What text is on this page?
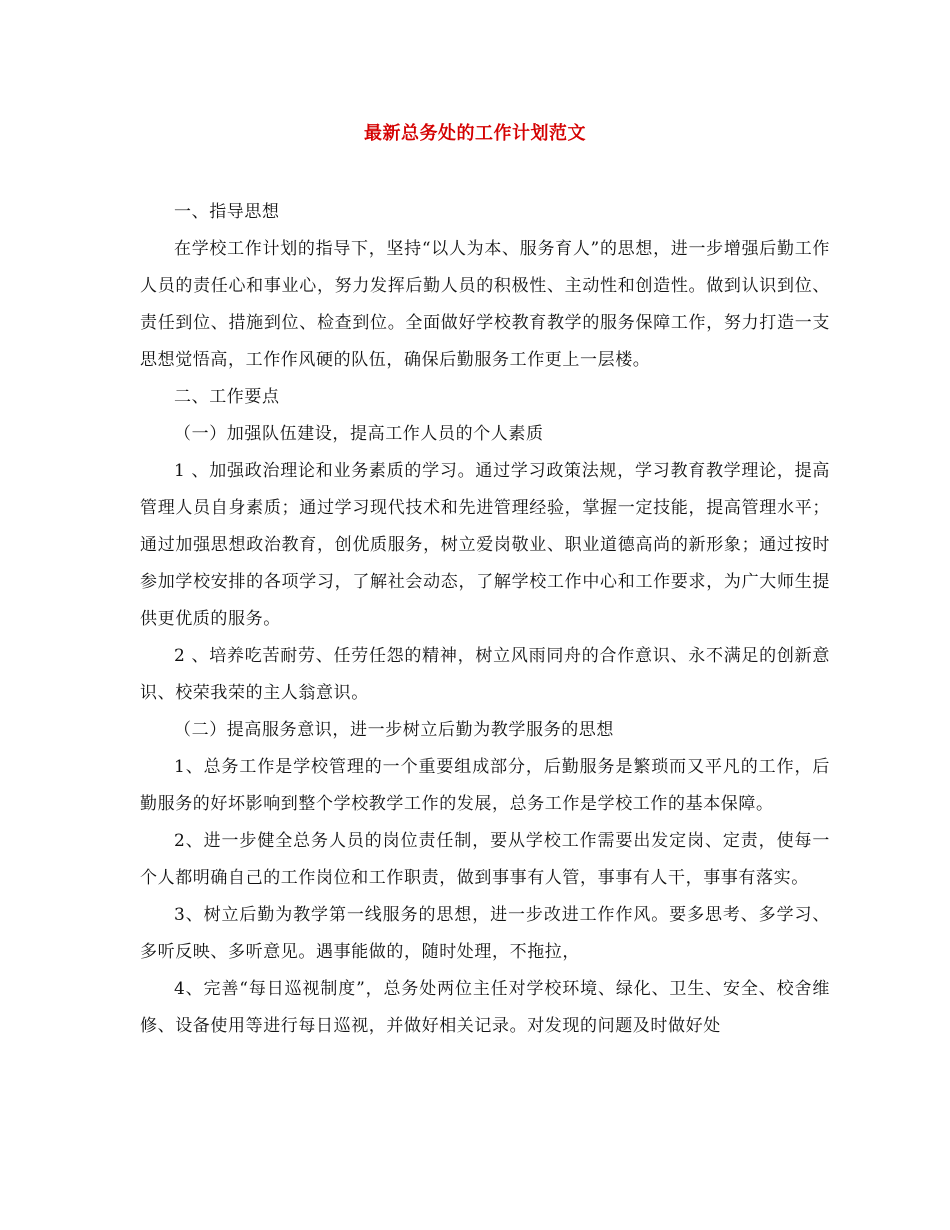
最新总务处的工作计划范文

一、指导思想

在学校工作计划的指导下，坚持“以人为本、服务育人”的思想，进一步增强后勤工作人员的责任心和事业心，努力发挥后勤人员的积极性、主动性和创造性。做到认识到位、责任到位、措施到位、检查到位。全面做好学校教育教学的服务保障工作，努力打造一支思想觉悟高，工作作风硬的队伍，确保后勤服务工作更上一层楼。

二、工作要点

（一）加强队伍建设，提高工作人员的个人素质

1 、加强政治理论和业务素质的学习。通过学习政策法规，学习教育教学理论，提高管理人员自身素质；通过学习现代技术和先进管理经验，掌握一定技能，提高管理水平；通过加强思想政治教育，创优质服务，树立爱岗敬业、职业道德高尚的新形象；通过按时参加学校安排的各项学习，了解社会动态，了解学校工作中心和工作要求，为广大师生提供更优质的服务。

2 、培养吃苦耐劳、任劳任怨的精神，树立风雨同舟的合作意识、永不满足的创新意识、校荣我荣的主人翁意识。

（二）提高服务意识，进一步树立后勤为教学服务的思想

1、总务工作是学校管理的一个重要组成部分，后勤服务是繁琐而又平凡的工作，后勤服务的好坏影响到整个学校教学工作的发展，总务工作是学校工作的基本保障。

2、进一步健全总务人员的岗位责任制，要从学校工作需要出发定岗、定责，使每一个人都明确自己的工作岗位和工作职责，做到事事有人管，事事有人干，事事有落实。

3、树立后勤为教学第一线服务的思想，进一步改进工作作风。要多思考、多学习、多听反映、多听意见。遇事能做的，随时处理，不拖拉，

4、完善“每日巡视制度”，总务处两位主任对学校环境、绿化、卫生、安全、校舍维修、设备使用等进行每日巡视，并做好相关记录。对发现的问题及时做好处
